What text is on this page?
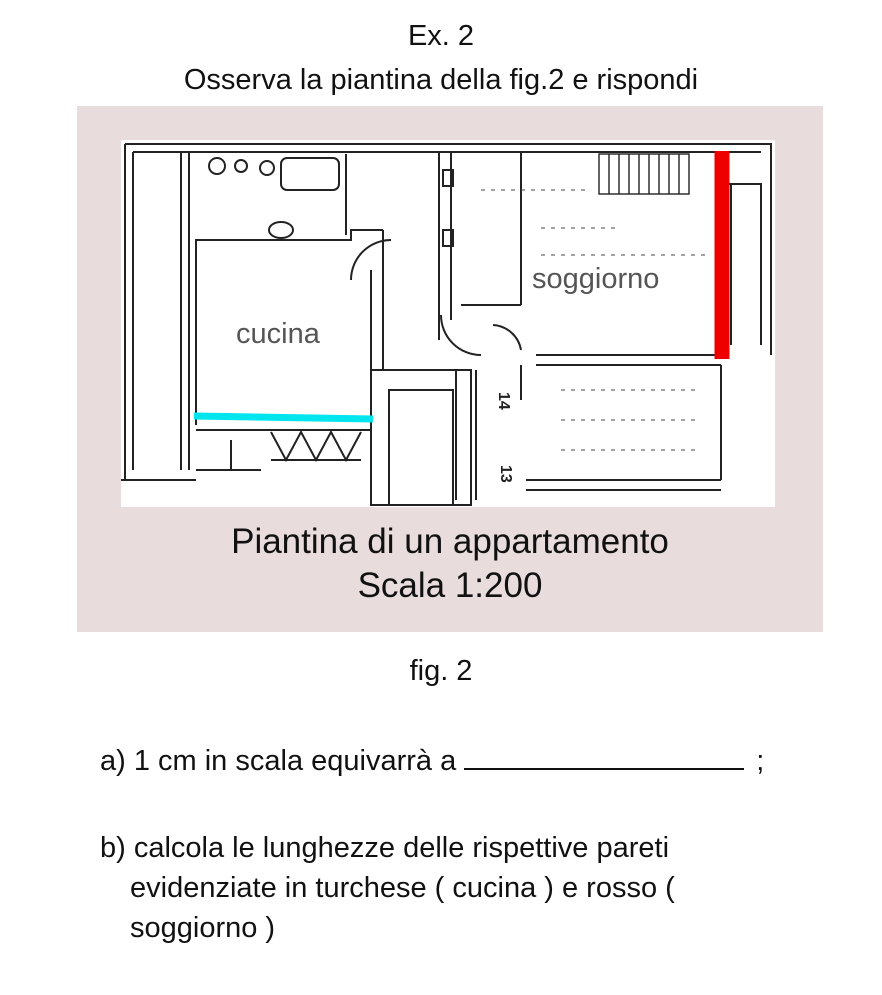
Ex. 2
Osserva la piantina della fig.2 e rispondi
cucina
soggiorno
14
13
Piantina di un appartamento
Scala 1:200
fig. 2
a) 1 cm in scala equivarrà a	;
b) calcola le lunghezze delle rispettive pareti
evidenziate in turchese ( cucina ) e rosso (
soggiorno )
